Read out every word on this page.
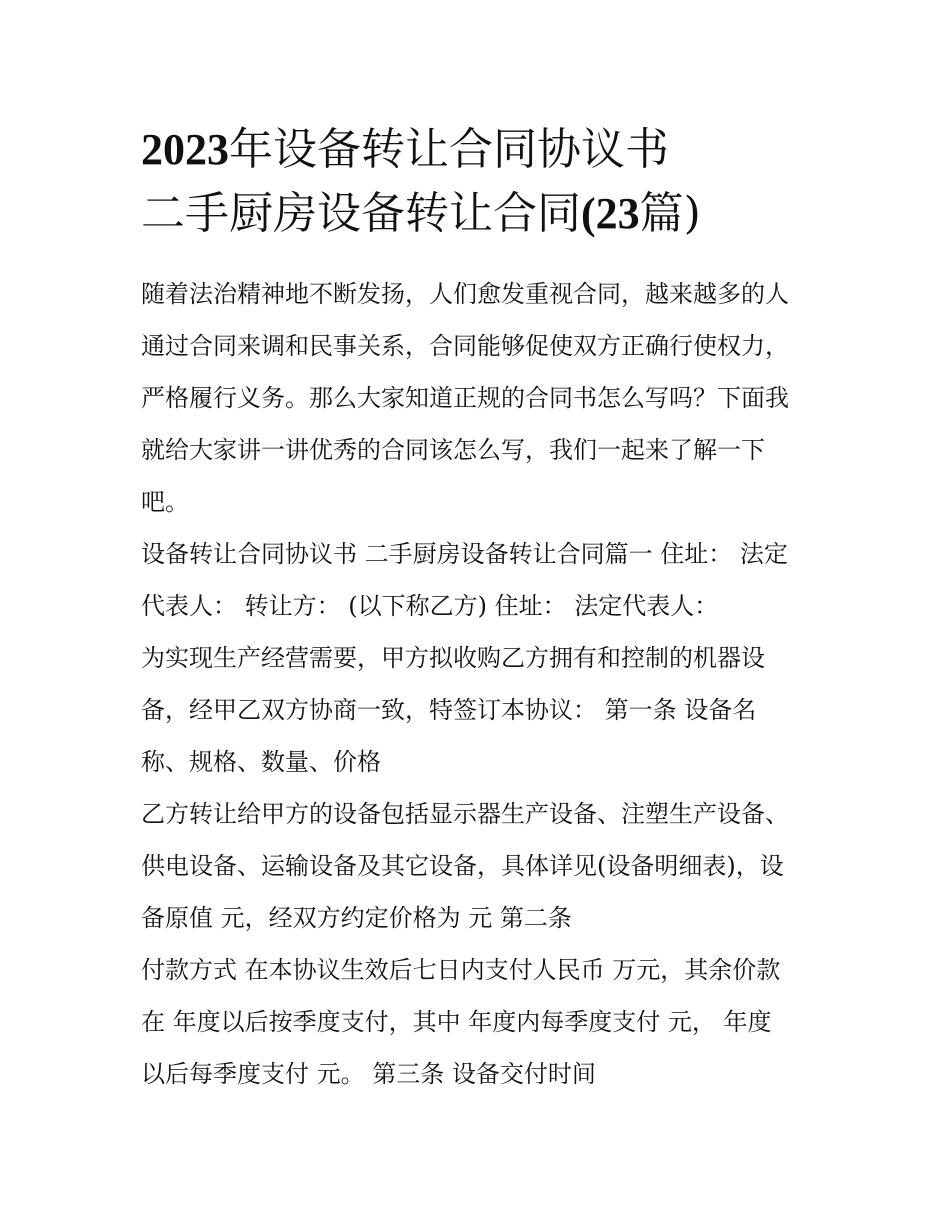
2023年设备转让合同协议书
二手厨房设备转让合同(23篇)

随着法治精神地不断发扬，人们愈发重视合同，越来越多的人
通过合同来调和民事关系，合同能够促使双方正确行使权力，
严格履行义务。那么大家知道正规的合同书怎么写吗？下面我
就给大家讲一讲优秀的合同该怎么写，我们一起来了解一下
吧。

设备转让合同协议书 二手厨房设备转让合同篇一 住址： 法定
代表人： 转让方： (以下称乙方) 住址： 法定代表人：

为实现生产经营需要，甲方拟收购乙方拥有和控制的机器设
备，经甲乙双方协商一致，特签订本协议： 第一条 设备名
称、规格、数量、价格

乙方转让给甲方的设备包括显示器生产设备、注塑生产设备、
供电设备、运输设备及其它设备，具体详见(设备明细表)，设
备原值 元，经双方约定价格为 元 第二条

付款方式 在本协议生效后七日内支付人民币 万元，其余价款
在 年度以后按季度支付，其中 年度内每季度支付 元， 年度
以后每季度支付 元。 第三条 设备交付时间
